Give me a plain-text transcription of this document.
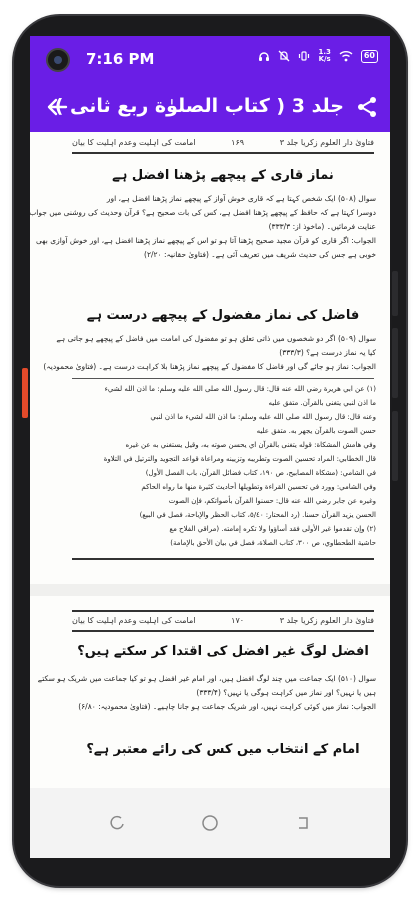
7:16 PM	1.3
K/s	60
جلد 3 ( كتاب الصلوٰة ربع ثانی )
فتاویٰ دار العلوم زکریا جلد ۳
۱۶۹
امامت کی اہلیت وعدم اہلیت کا بیان
نماز قاری کے پیچھے پڑھنا افضل ہے
سوال (۵۰۸) ایک شخص کہتا ہے کہ قاری خوش آواز کے پیچھے نماز پڑھنا افضل ہے، اور
دوسرا کہتا ہے کہ حافظ کے پیچھے پڑھنا افضل ہے، کس کی بات صحیح ہے؟ قرآن وحدیث کی روشنی میں جواب
عنایت فرمائیں۔ (ماخوذ از: ۳۳۳/۳)
الجواب: اگر قاری کو قرآن مجید صحیح پڑھنا آتا ہو تو اس کے پیچھے نماز پڑھنا افضل ہے، اور خوش آوازی بھی
خوبی ہے جس کی حدیث شریف میں تعریف آئی ہے۔ (فتاویٰ حقانیہ: ۲/۲۰)
فاضل کی نماز مفضول کے پیچھے درست ہے
سوال (۵۰۹) اگر دو شخصوں میں ذاتی تعلق ہو تو مفضول کی امامت میں فاضل کے پیچھے ہو جاتی ہے
کیا یہ نماز درست ہے؟ (۳۳۳/۳)
الجواب: نماز ہو جائے گی اور فاضل کا مفضول کے پیچھے نماز پڑھنا بلا کراہت درست ہے۔ (فتاویٰ محمودیہ)
(۱) عن ابي هريرة رضي الله عنه قال: قال رسول الله صلى الله عليه وسلم: ما اذن الله لشيء
ما اذن لنبي يتغنى بالقرآن. متفق عليه
وعنه قال: قال رسول الله صلى الله عليه وسلم: ما اذن الله لشيء ما اذن لنبي
حسن الصوت بالقرآن يجهر به. متفق عليه
وفي هامش المشكاة: قوله يتغنى بالقرآن اي يحسن صوته به، وقيل يستغني به عن غيره
قال الخطابي: المراد تحسين الصوت وتطريبه وتزيينه ومراعاة قواعد التجويد والترتيل في التلاوة
في الشامي: (مشكاة المصابيح، ص ١٩٠، كتاب فضائل القرآن، باب الفصل الأول)
وفي الشامي: وورد في تحسين القراءة وتطويلها أحاديث كثيرة منها ما رواه الحاكم
وغيره عن جابر رضي الله عنه قال: حسنوا القرآن بأصواتكم، فإن الصوت
الحسن يزيد القرآن حسنا. (رد المحتار: ٥/٤٠، كتاب الحظر والإباحة، فصل في البيع)
(٢) وإن تقدموا غير الأولى فقد أساؤوا ولا تكره إمامته. (مراقي الفلاح مع
حاشية الطحطاوي، ص ٣٠٠، كتاب الصلاة، فصل في بيان الأحق بالإمامة)
فتاویٰ دار العلوم زکریا جلد ۳
۱۷۰
امامت کی اہلیت وعدم اہلیت کا بیان
افضل لوگ غیر افضل کی اقتدا کر سکتے ہیں؟
سوال (۵۱۰) ایک جماعت میں چند لوگ افضل ہیں، اور امام غیر افضل ہو تو کیا جماعت میں شریک ہو سکتے
ہیں یا نہیں؟ اور نماز میں کراہت ہوگی یا نہیں؟ (۳۳۳/۴)
الجواب: نماز میں کوئی کراہت نہیں، اور شریک جماعت ہو جانا چاہیے۔ (فتاویٰ محمودیہ: ۶/۸۰)
امام کے انتخاب میں کس کی رائے معتبر ہے؟
